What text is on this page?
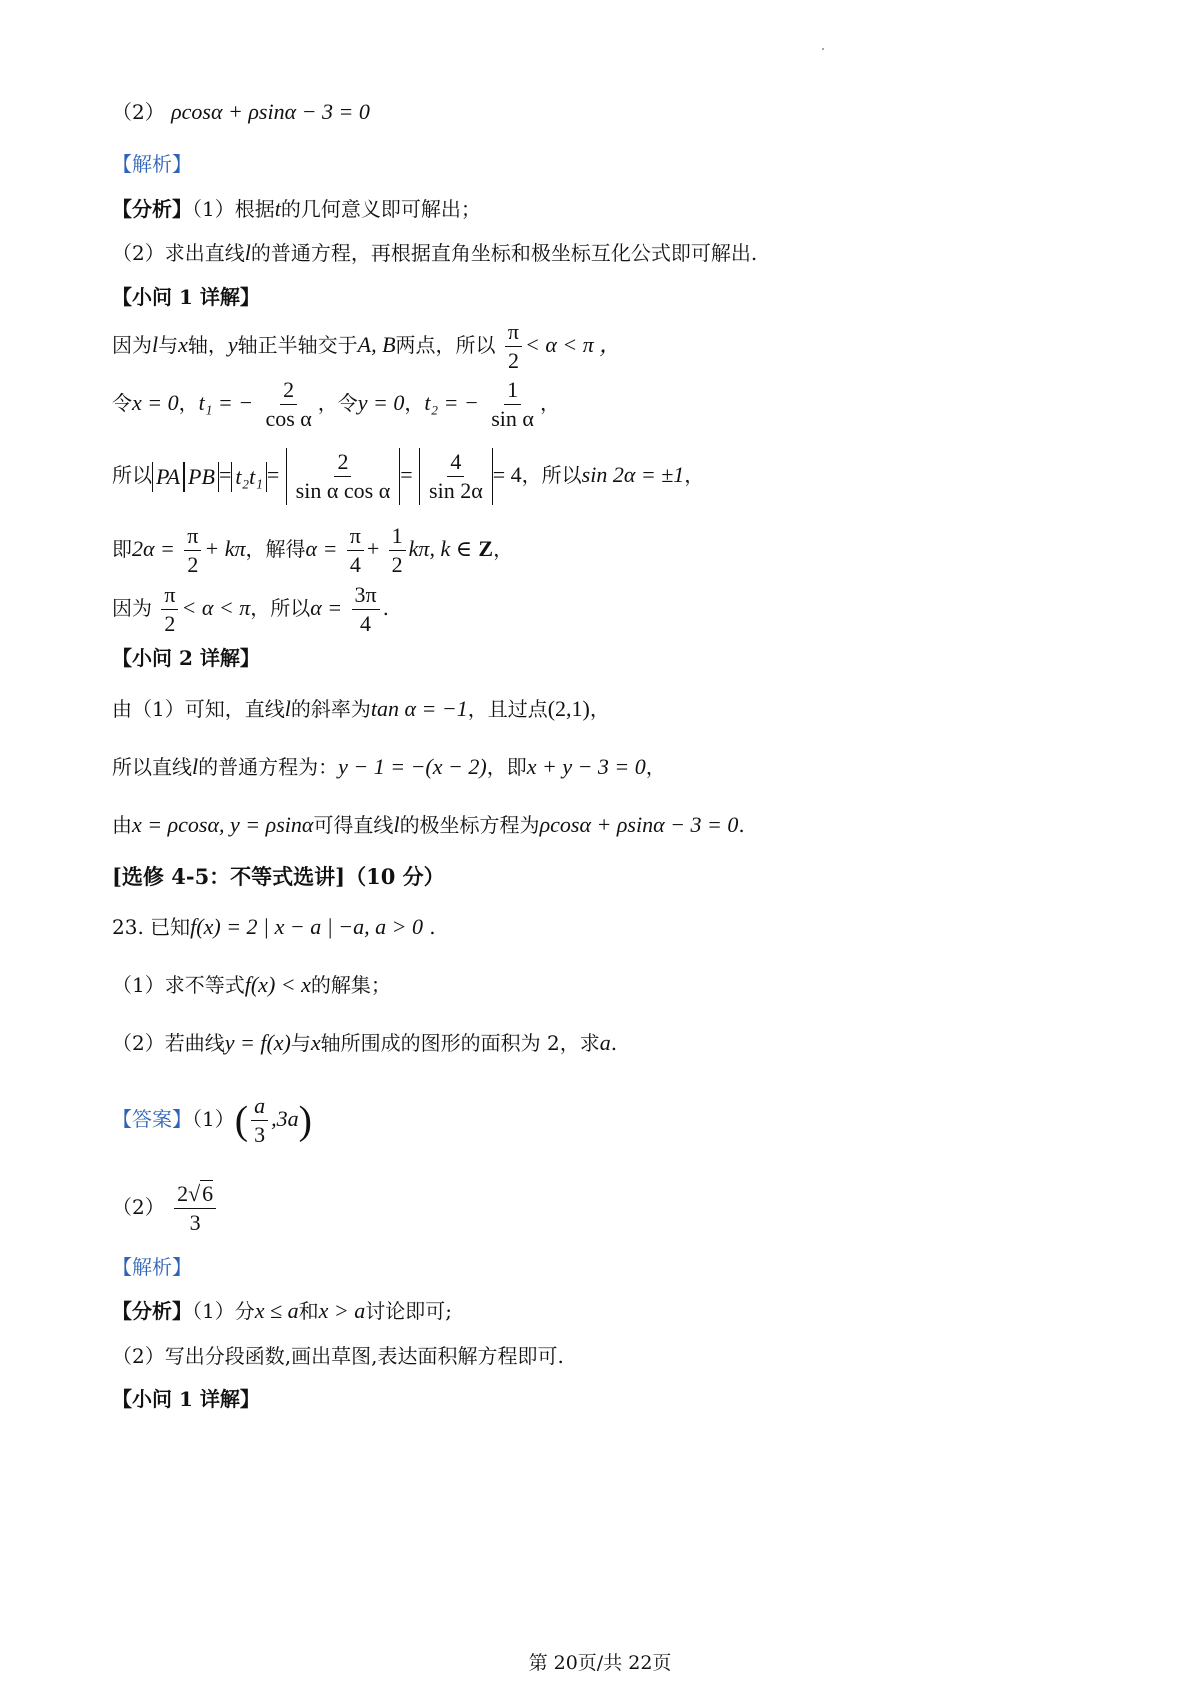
（2） ρcosα + ρsinα − 3 = 0
【解析】
【分析】（1）根据t的几何意义即可解出；
（2）求出直线l的普通方程，再根据直角坐标和极坐标互化公式即可解出.
【小问 1 详解】
因为l与x轴，y轴正半轴交于A, B两点，所以 $\frac{\pi}{2} < \alpha < \pi$ ，
令x = 0，t₁ = − $\frac{2}{\text{cos α}}$ ，令y = 0，t₂ = − $\frac{1}{\text{sin α}}$ ，
所以 PA PB = $t_2t_1 = \frac{2}{\text{sin α cos α}} = \frac{4}{\sin 2\alpha} = 4$，所以sin 2α = ±1，
即$2\alpha = \frac{\pi}{2} + k\pi$，解得$\alpha = \frac{\pi}{4} + \frac{1}{2} k\pi$, k ∈ Z，
因为 $\frac{\pi}{2} < \alpha < \pi$，所以$\alpha = \frac{3\pi}{4}$ .
【小问 2 详解】
由（1）可知，直线l的斜率为tan α = −1，且过点(2,1)，
所以直线l的普通方程为：y − 1 = −(x − 2)，即x + y − 3 = 0，
由x = ρcosα, y = ρsinα可得直线l的极坐标方程为ρcosα + ρsinα − 3 = 0.
[选修 4-5：不等式选讲]（10 分）
23. 已知f(x) = 2 | x − a | −a, a > 0 .
（1）求不等式f(x) < x的解集；
（2）若曲线y = f(x)与x轴所围成的图形的面积为 2，求a.
【答案】$(1)( \frac{a}{3} ,3a)$
$(2) \frac{2√6}{3}$
【解析】
【分析】（1）分x ≤ a和x > a讨论即可;
（2）写出分段函数,画出草图,表达面积解方程即可.
【小问 1 详解】
第 20页/共 22页
